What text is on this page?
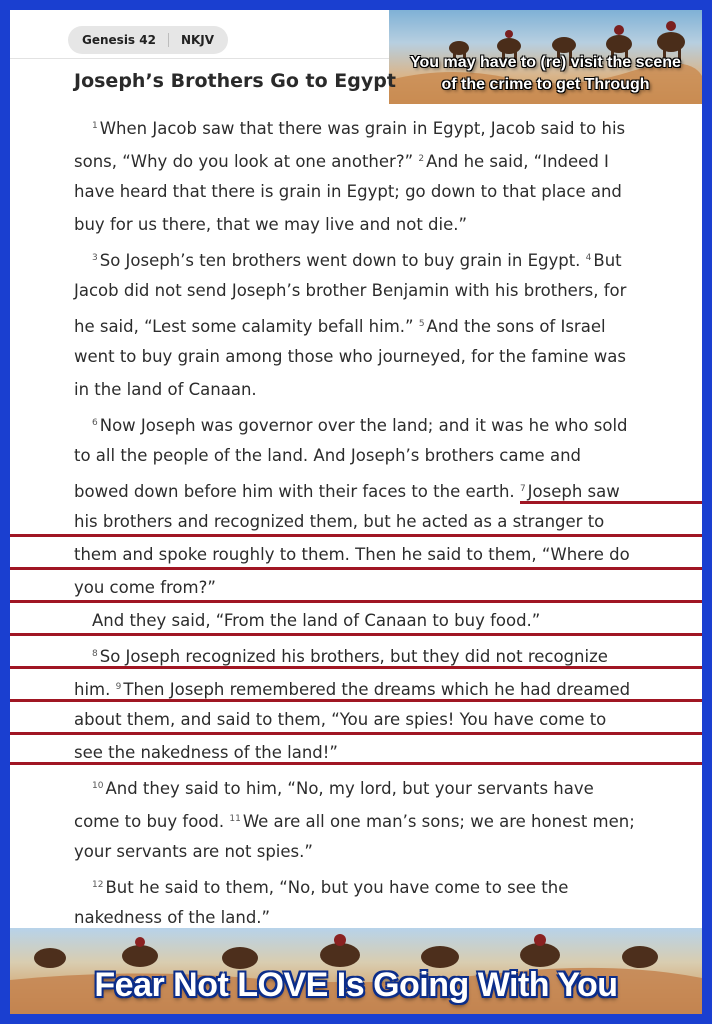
Genesis 42	NKJV
You may have to (re) visit the scene
of the crime to get Through
Joseph’s Brothers Go to Egypt
$^1$ When Jacob saw that there was grain in Egypt, Jacob said to his
sons, “Why do you look at one another?” $^2$ And he said, “Indeed I
have heard that there is grain in Egypt; go down to that place and
buy for us there, that we may live and not die.”
$^3$ So Joseph’s ten brothers went down to buy grain in Egypt. $^4$ But
Jacob did not send Joseph’s brother Benjamin with his brothers, for
he said, “Lest some calamity befall him.” $^5$ And the sons of Israel
went to buy grain among those who journeyed, for the famine was
in the land of Canaan.
$^6$ Now Joseph was governor over the land; and it was he who sold
to all the people of the land. And Joseph’s brothers came and
bowed down before him with their faces to the earth. $^7$ Joseph saw
his brothers and recognized them, but he acted as a stranger to
them and spoke roughly to them. Then he said to them, “Where do
you come from?”
And they said, “From the land of Canaan to buy food.”
$^8$ So Joseph recognized his brothers, but they did not recognize
him. $^9$ Then Joseph remembered the dreams which he had dreamed
about them, and said to them, “You are spies! You have come to
see the nakedness of the land!”
$^{10}$ And they said to him, “No, my lord, but your servants have
come to buy food. $^{11}$ We are all one man’s sons; we are honest men;
your servants are not spies.”
$^{12}$ But he said to them, “No, but you have come to see the
nakedness of the land.”
Fear Not LOVE Is Going With You
